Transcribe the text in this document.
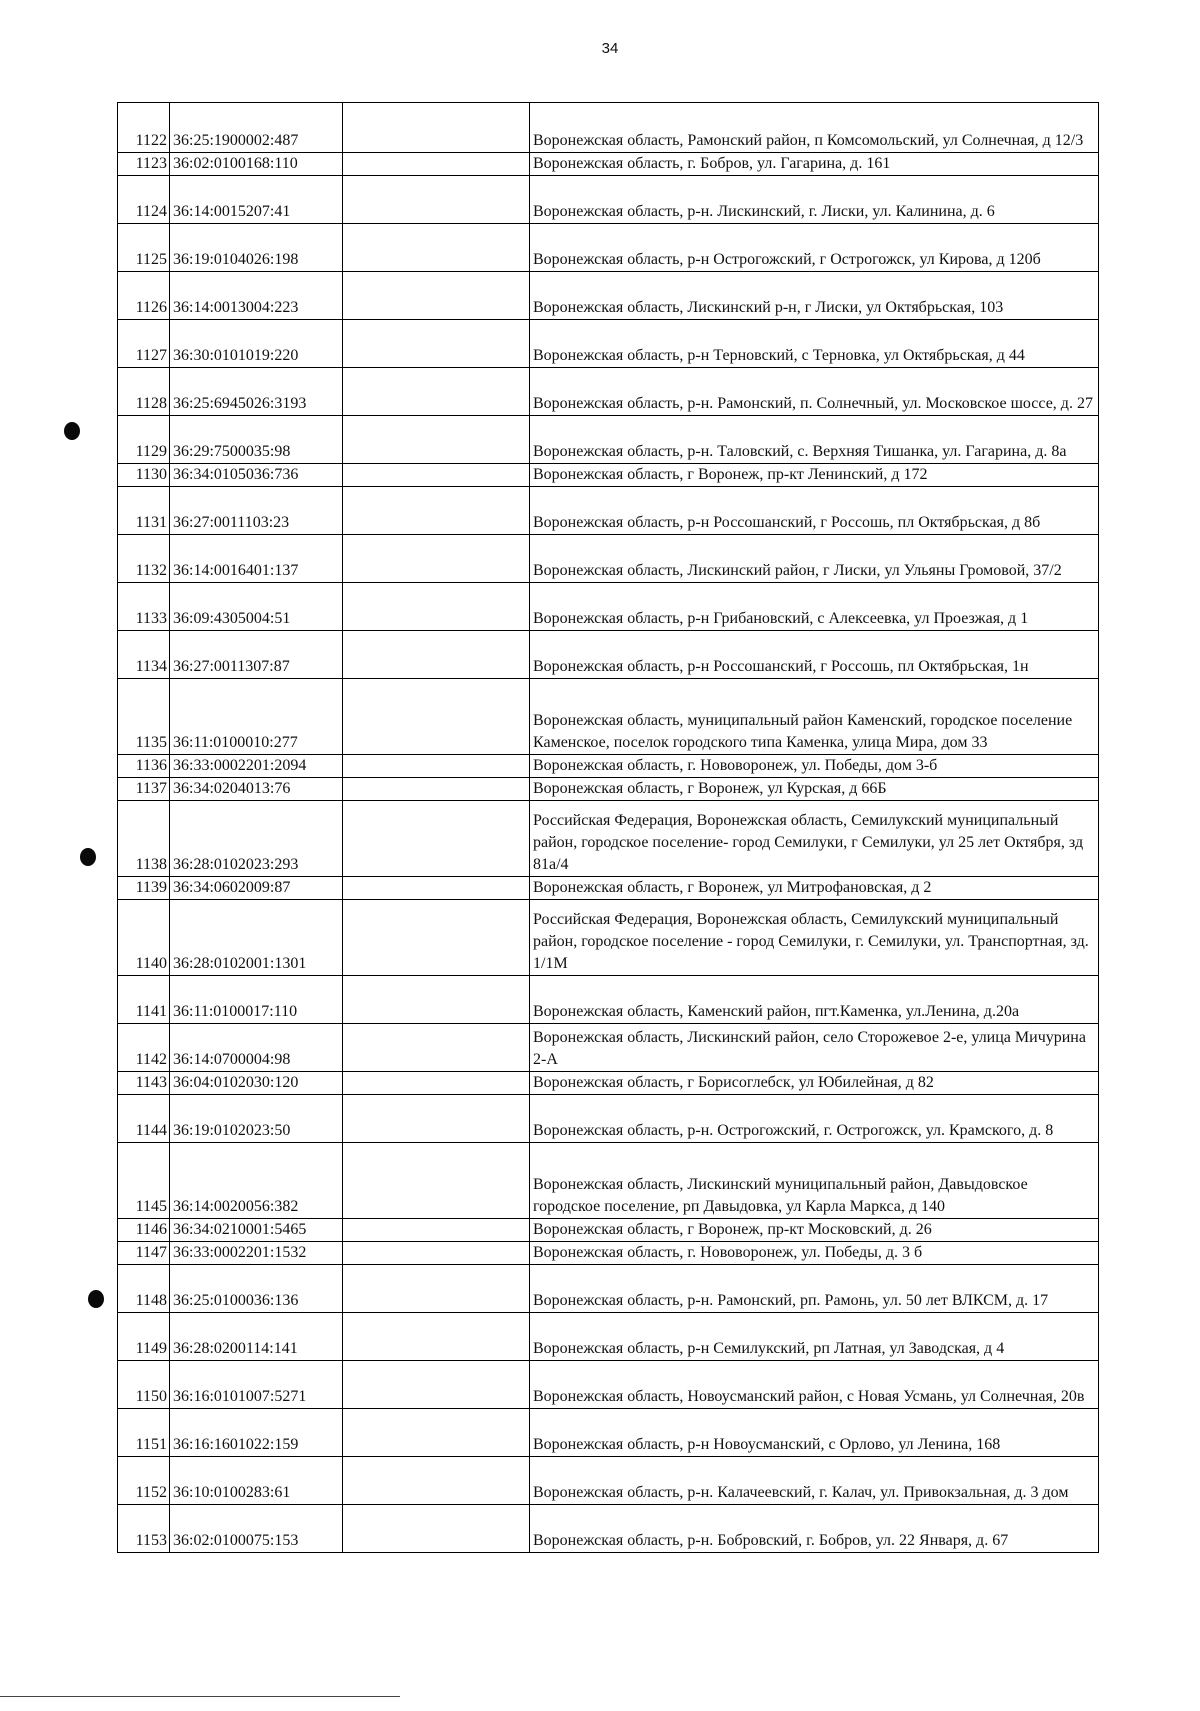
34
1122	36:25:1900002:487		Воронежская область, Рамонский район, п Комсомольский, ул Солнечная, д 12/3
1123	36:02:0100168:110		Воронежская область, г. Бобров, ул. Гагарина, д. 161
1124	36:14:0015207:41		Воронежская область, р-н. Лискинский, г. Лиски, ул. Калинина, д. 6
1125	36:19:0104026:198		Воронежская область, р-н Острогожский, г Острогожск, ул Кирова, д 120б
1126	36:14:0013004:223		Воронежская область, Лискинский р-н, г Лиски, ул Октябрьская, 103
1127	36:30:0101019:220		Воронежская область, р-н Терновский, с Терновка, ул Октябрьская, д 44
1128	36:25:6945026:3193		Воронежская область, р-н. Рамонский, п. Солнечный, ул. Московское шоссе, д. 27
1129	36:29:7500035:98		Воронежская область, р-н. Таловский, с. Верхняя Тишанка, ул. Гагарина, д. 8а
1130	36:34:0105036:736		Воронежская область, г Воронеж, пр-кт Ленинский, д 172
1131	36:27:0011103:23		Воронежская область, р-н Россошанский, г Россошь, пл Октябрьская, д 8б
1132	36:14:0016401:137		Воронежская область, Лискинский район, г Лиски, ул Ульяны Громовой, 37/2
1133	36:09:4305004:51		Воронежская область, р-н Грибановский, с Алексеевка, ул Проезжая, д 1
1134	36:27:0011307:87		Воронежская область, р-н Россошанский, г Россошь, пл Октябрьская, 1н
1135	36:11:0100010:277		Воронежская область, муниципальный район Каменский, городское поселение Каменское, поселок городского типа Каменка, улица Мира, дом 33
1136	36:33:0002201:2094		Воронежская область, г. Нововоронеж, ул. Победы, дом 3-б
1137	36:34:0204013:76		Воронежская область, г Воронеж, ул Курская, д 66Б
1138	36:28:0102023:293		Российская Федерация, Воронежская область, Семилукский муниципальный район, городское поселение- город Семилуки, г Семилуки, ул 25 лет Октября, зд 81а/4
1139	36:34:0602009:87		Воронежская область, г Воронеж, ул Митрофановская, д 2
1140	36:28:0102001:1301		Российская Федерация, Воронежская область, Семилукский муниципальный район, городское поселение - город Семилуки, г. Семилуки, ул. Транспортная, зд. 1/1М
1141	36:11:0100017:110		Воронежская область, Каменский район, пгт.Каменка, ул.Ленина, д.20а
1142	36:14:0700004:98		Воронежская область, Лискинский район, село Сторожевое 2-е, улица Мичурина 2-А
1143	36:04:0102030:120		Воронежская область, г Борисоглебск, ул Юбилейная, д 82
1144	36:19:0102023:50		Воронежская область, р-н. Острогожский, г. Острогожск, ул. Крамского, д. 8
1145	36:14:0020056:382		Воронежская область, Лискинский муниципальный район, Давыдовское городское поселение, рп Давыдовка, ул Карла Маркса, д 140
1146	36:34:0210001:5465		Воронежская область, г Воронеж, пр-кт Московский, д. 26
1147	36:33:0002201:1532		Воронежская область, г. Нововоронеж, ул. Победы, д. 3 б
1148	36:25:0100036:136		Воронежская область, р-н. Рамонский, рп. Рамонь, ул. 50 лет ВЛКСМ, д. 17
1149	36:28:0200114:141		Воронежская область, р-н Семилукский, рп Латная, ул Заводская, д 4
1150	36:16:0101007:5271		Воронежская область, Новоусманский район, с Новая Усмань, ул Солнечная, 20в
1151	36:16:1601022:159		Воронежская область, р-н Новоусманский, с Орлово, ул Ленина, 168
1152	36:10:0100283:61		Воронежская область, р-н. Калачеевский, г. Калач, ул. Привокзальная, д. 3 дом
1153	36:02:0100075:153		Воронежская область, р-н. Бобровский, г. Бобров, ул. 22 Января, д. 67
